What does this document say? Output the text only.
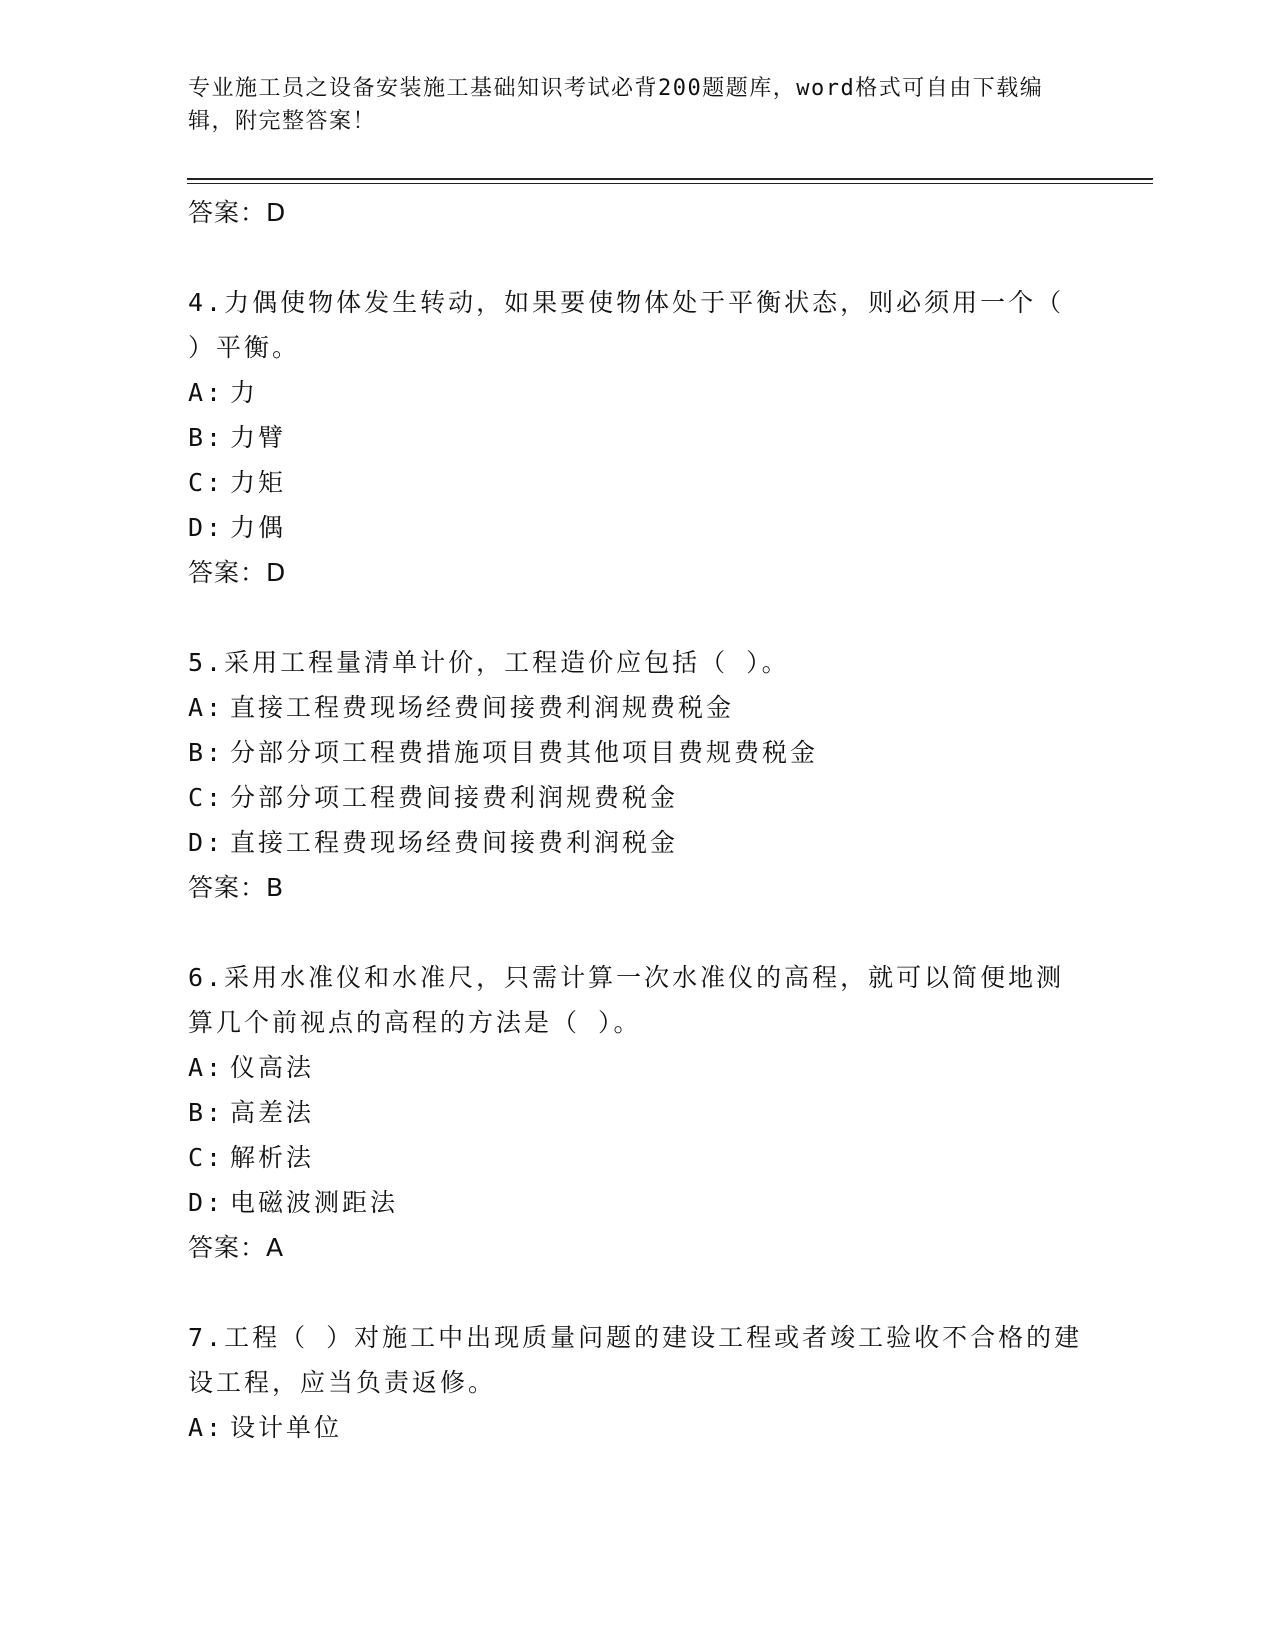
专业施工员之设备安装施工基础知识考试必背200题题库，word格式可自由下载编辑，附完整答案！
答案：D
4.力偶使物体发生转动，如果要使物体处于平衡状态，则必须用一个（ ）平衡。
A: 力
B: 力臂
C: 力矩
D: 力偶
答案：D
5.采用工程量清单计价，工程造价应包括（ ）。
A: 直接工程费现场经费间接费利润规费税金
B: 分部分项工程费措施项目费其他项目费规费税金
C: 分部分项工程费间接费利润规费税金
D: 直接工程费现场经费间接费利润税金
答案：B
6.采用水准仪和水准尺，只需计算一次水准仪的高程，就可以简便地测算几个前视点的高程的方法是（ ）。
A: 仪高法
B: 高差法
C: 解析法
D: 电磁波测距法
答案：A
7.工程（ ）对施工中出现质量问题的建设工程或者竣工验收不合格的建设工程，应当负责返修。
A: 设计单位
